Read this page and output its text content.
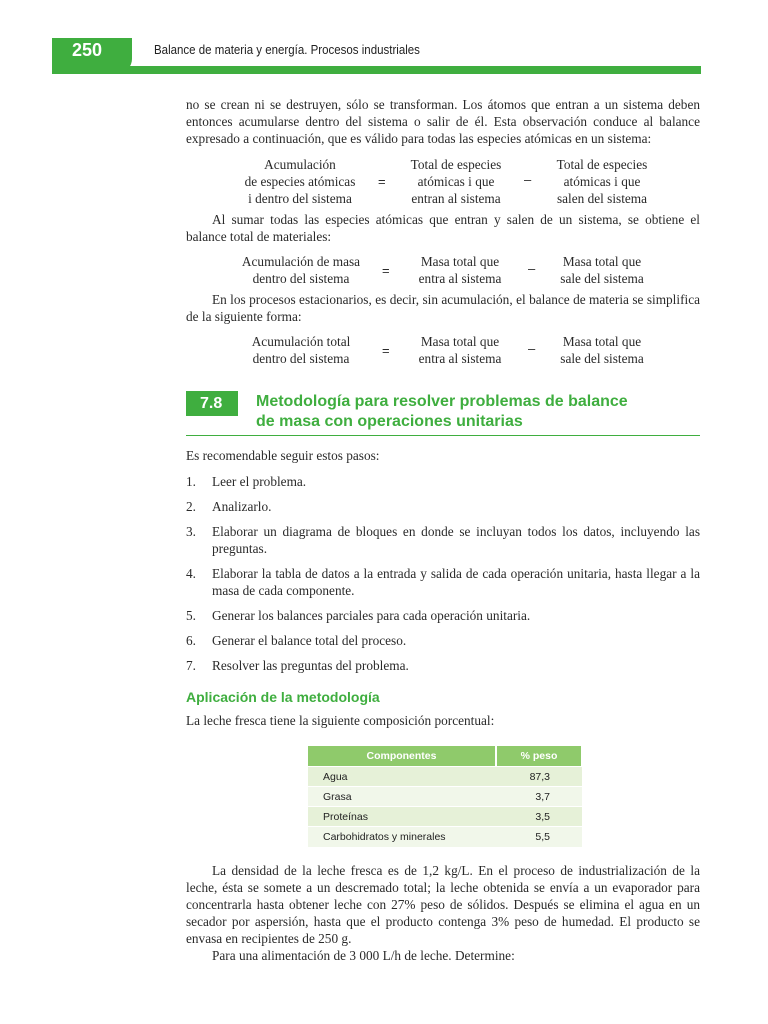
250	Balance de materia y energía. Procesos industriales

no se crean ni se destruyen, sólo se transforman. Los átomos que entran a un sistema deben entonces acumularse dentro del sistema o salir de él. Esta observación conduce al balance expresado a continuación, que es válido para todas las especies atómicas en un sistema:

Acumulación
de especies atómicas
i dentro del sistema
=
Total de especies
atómicas i que
entran al sistema
–
Total de especies
atómicas i que
salen del sistema

Al sumar todas las especies atómicas que entran y salen de un sistema, se obtiene el balance total de materiales:

Acumulación de masa
dentro del sistema
=
Masa total que
entra al sistema
–	Masa total que
sale del sistema

En los procesos estacionarios, es decir, sin acumulación, el balance de materia se simplifica de la siguiente forma:

Acumulación total
dentro del sistema
=
Masa total que
entra al sistema
–	Masa total que
sale del sistema
7.8	Metodología para resolver problemas de balance
de masa con operaciones unitarias

Es recomendable seguir estos pasos:

1.	Leer el problema.
2.	Analizarlo.
3.	Elaborar un diagrama de bloques en donde se incluyan todos los datos, incluyendo las preguntas.
4.	Elaborar la tabla de datos a la entrada y salida de cada operación unitaria, hasta llegar a la masa de cada componente.
5.	Generar los balances parciales para cada operación unitaria.
6.	Generar el balance total del proceso.
7.	Resolver las preguntas del problema.
Aplicación de la metodología

La leche fresca tiene la siguiente composición porcentual:

Componentes	% peso
Agua	87,3
Grasa	3,7
Proteínas	3,5
Carbohidratos y minerales	5,5

La densidad de la leche fresca es de 1,2 kg/L. En el proceso de industrialización de la leche, ésta se somete a un descremado total; la leche obtenida se envía a un evaporador para concentrarla hasta obtener leche con 27% peso de sólidos. Después se elimina el agua en un secador por aspersión, hasta que el producto contenga 3% peso de humedad. El producto se envasa en recipientes de 250 g.

Para una alimentación de 3 000 L/h de leche. Determine:
